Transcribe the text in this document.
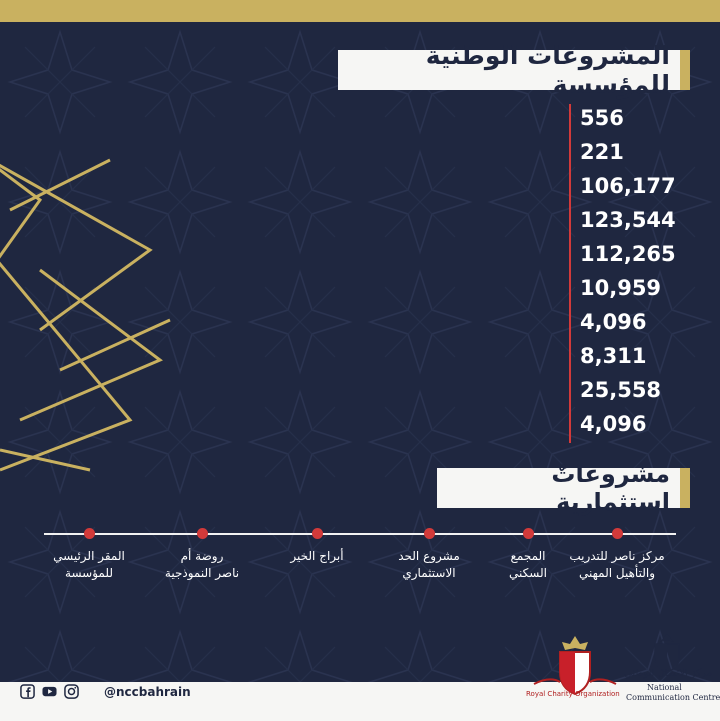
المشروعات الوطنية للمؤسسة
556
221
106,177
123,544
112,265
10,959
4,096
8,311
25,558
4,096
مشروعاتٌ استثمارية
مركز ناصر للتدريب
والتأهيل المهني
المجمع
السكني
مشروع الحد
الاستثماري
أبراج الخير
روضة أم
ناصر النموذجية
المقر الرئيسي
للمؤسسة
@nccbahrain	Royal Charity Organization
مركز الاتصال الوطني
National
Communication Centre
